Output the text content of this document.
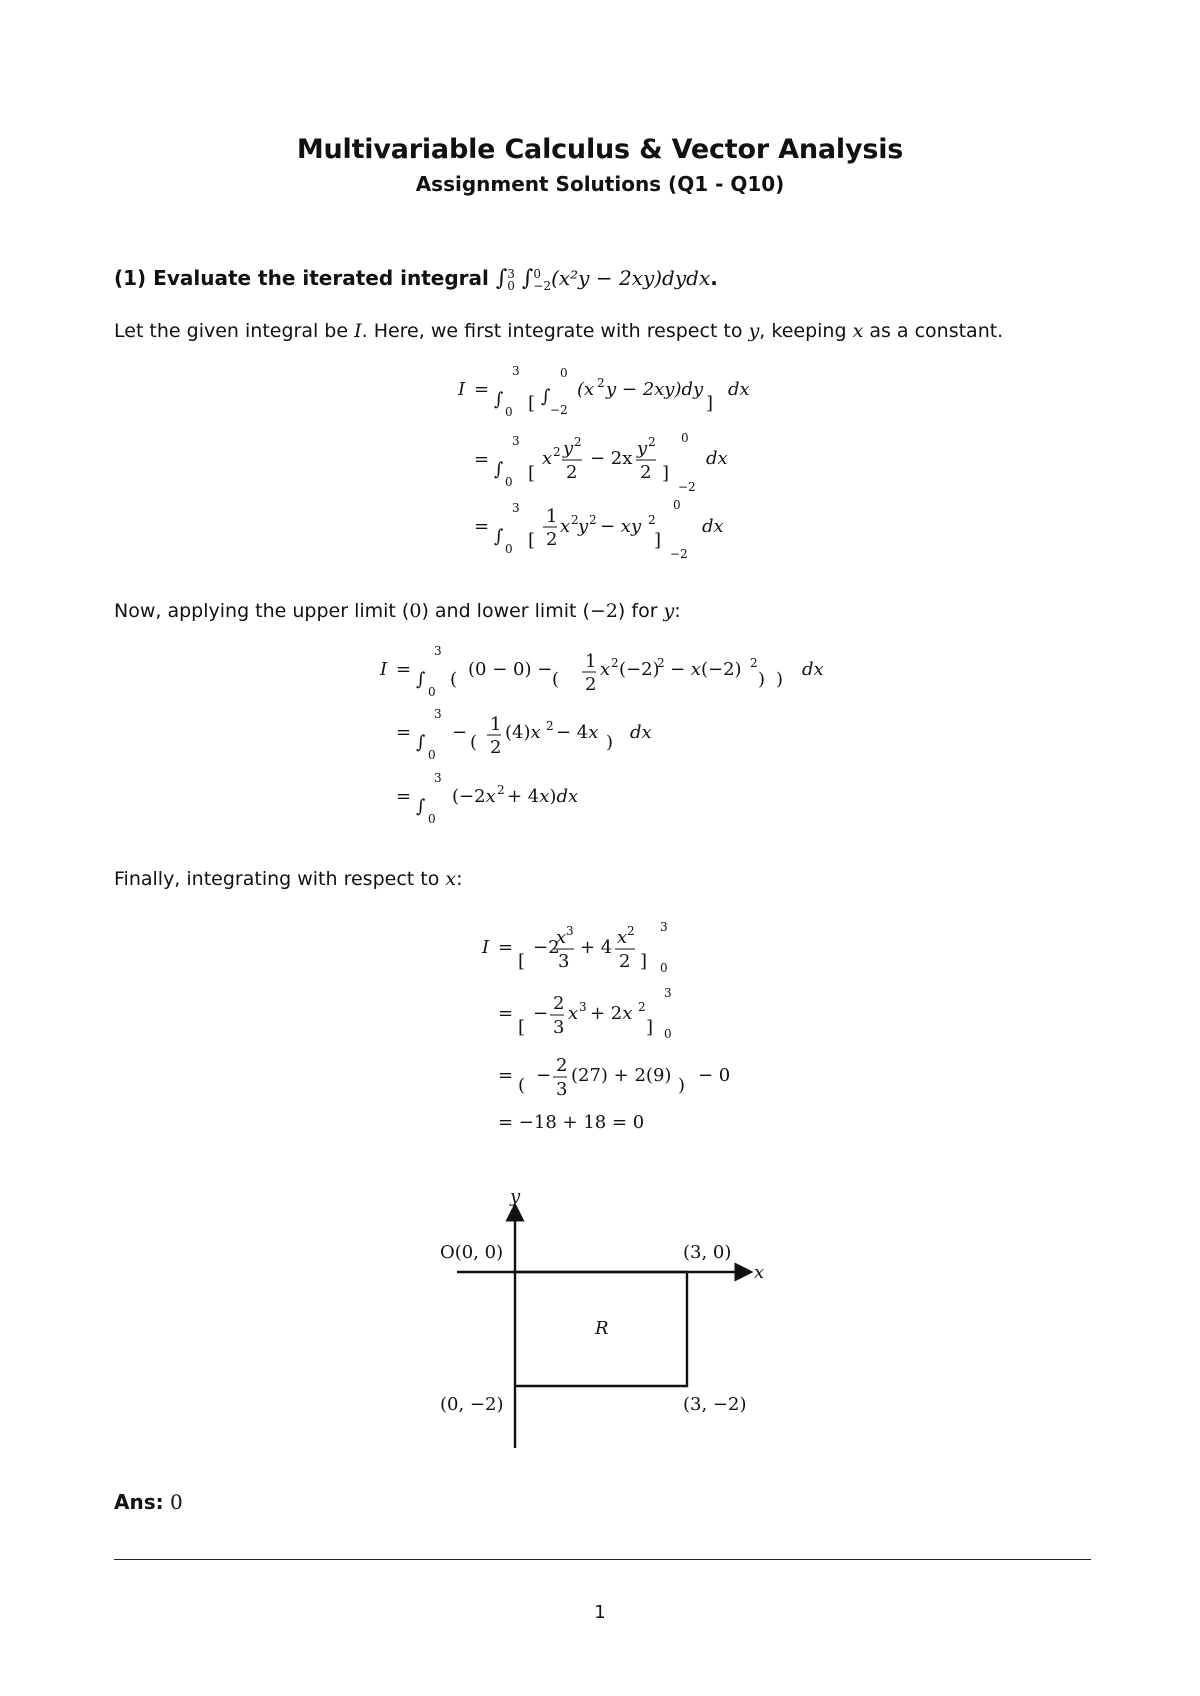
Multivariable Calculus & Vector Analysis
Assignment Solutions (Q1 - Q10)
(1) Evaluate the iterated integral ∫ 3
0 ∫ 0
−2 (x²y − 2xy)dydx.
Let the given integral be I. Here, we first integrate with respect to y, keeping x as a constant.
I = ∫
3
0 [ ∫
0
−2
(x 2 y − 2xy)dy
]
dx
= ∫
3
0 [
x 2 y 2
2
− 2x y 2
2 ]
0
−2
dx
= ∫
3
0 [
1
2
x 2 y 2 − xy 2
]
0
−2
dx
Now, applying the upper limit (0) and lower limit (−2) for y:
I = ∫
3
0
( (0 − 0) − (
1
2
x 2 (−2)
2 − x(−2) 2
) ) dx
= ∫
3
0
− (
1
2
(4)x 2 − 4x ) dx
= ∫
3
0
(−2x 2 + 4x)dx
Finally, integrating with respect to x:
I =
[
−2
x 3
3
+ 4 x 2
2 ]
3
0
=
[
− 2
3
x 3 + 2x 2
]
3
0
= ( − 2
3
(27) + 2(9) ) − 0
= −18 + 18 = 0
y
x
O(0, 0)	(3, 0)
(0, −2)	(3, −2)
R
Ans: 0
1
